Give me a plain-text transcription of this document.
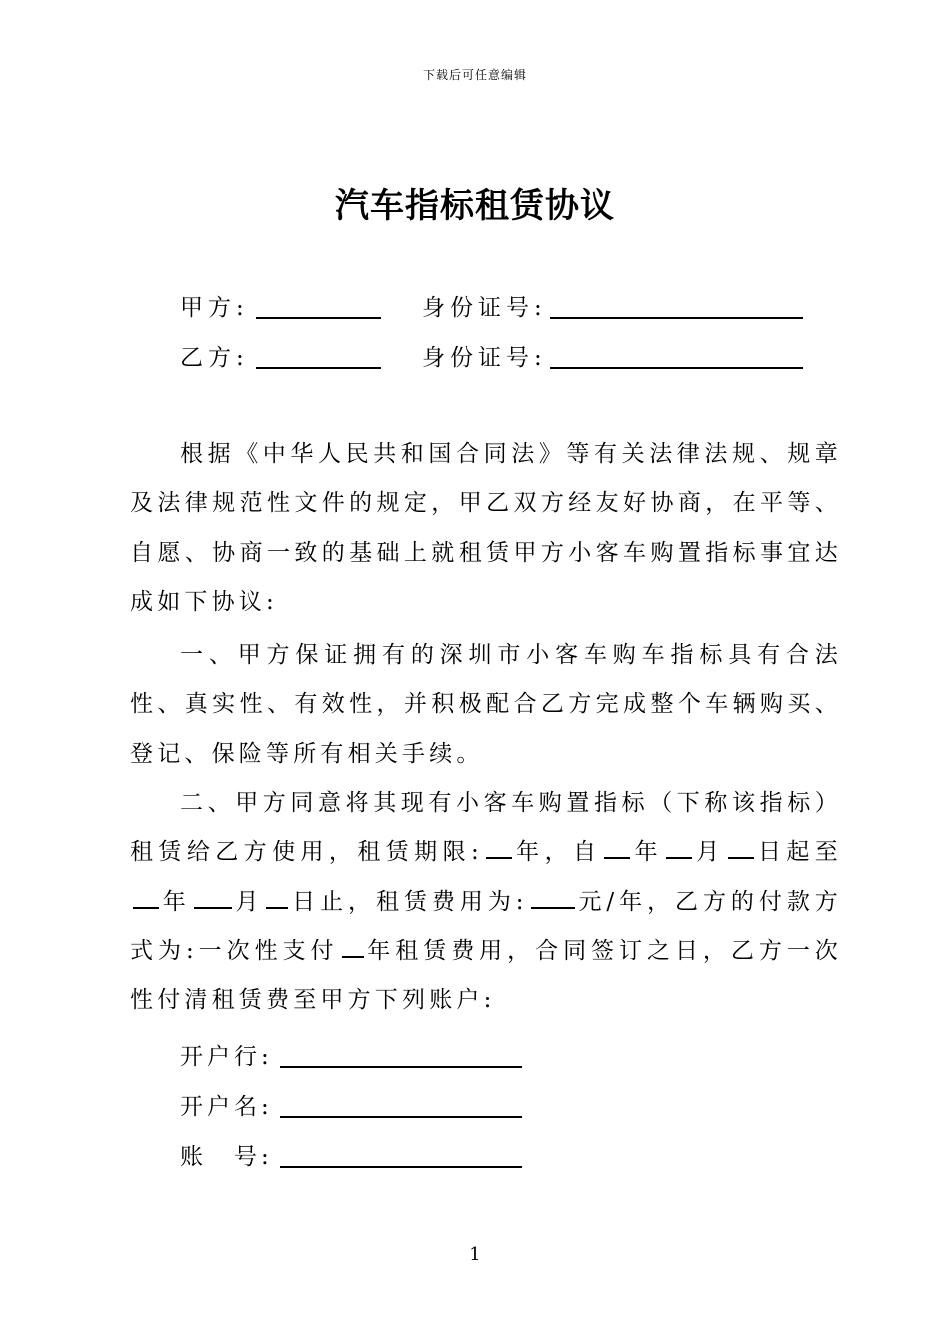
下载后可任意编辑
汽车指标租赁协议
甲方:	身份证号:
乙方:	身份证号:
根据《中华人民共和国合同法》等有关法律法规、规章及法律规范性文件的规定，甲乙双方经友好协商，在平等、自愿、协商一致的基础上就租赁甲方小客车购置指标事宜达成如下协议:
一、甲方保证拥有的深圳市小客车购车指标具有合法性、真实性、有效性，并积极配合乙方完成整个车辆购买、登记、保险等所有相关手续。
二、甲方同意将其现有小客车购置指标（下称该指标）租赁给乙方使用，租赁期限: 年，自 年 月 日起至年 月 日止，租赁费用为: 元/年，乙方的付款方式为:一次性支付 年租赁费用，合同签订之日，乙方一次性付清租赁费至甲方下列账户:
开户行:
开户名:
账　号:
1
